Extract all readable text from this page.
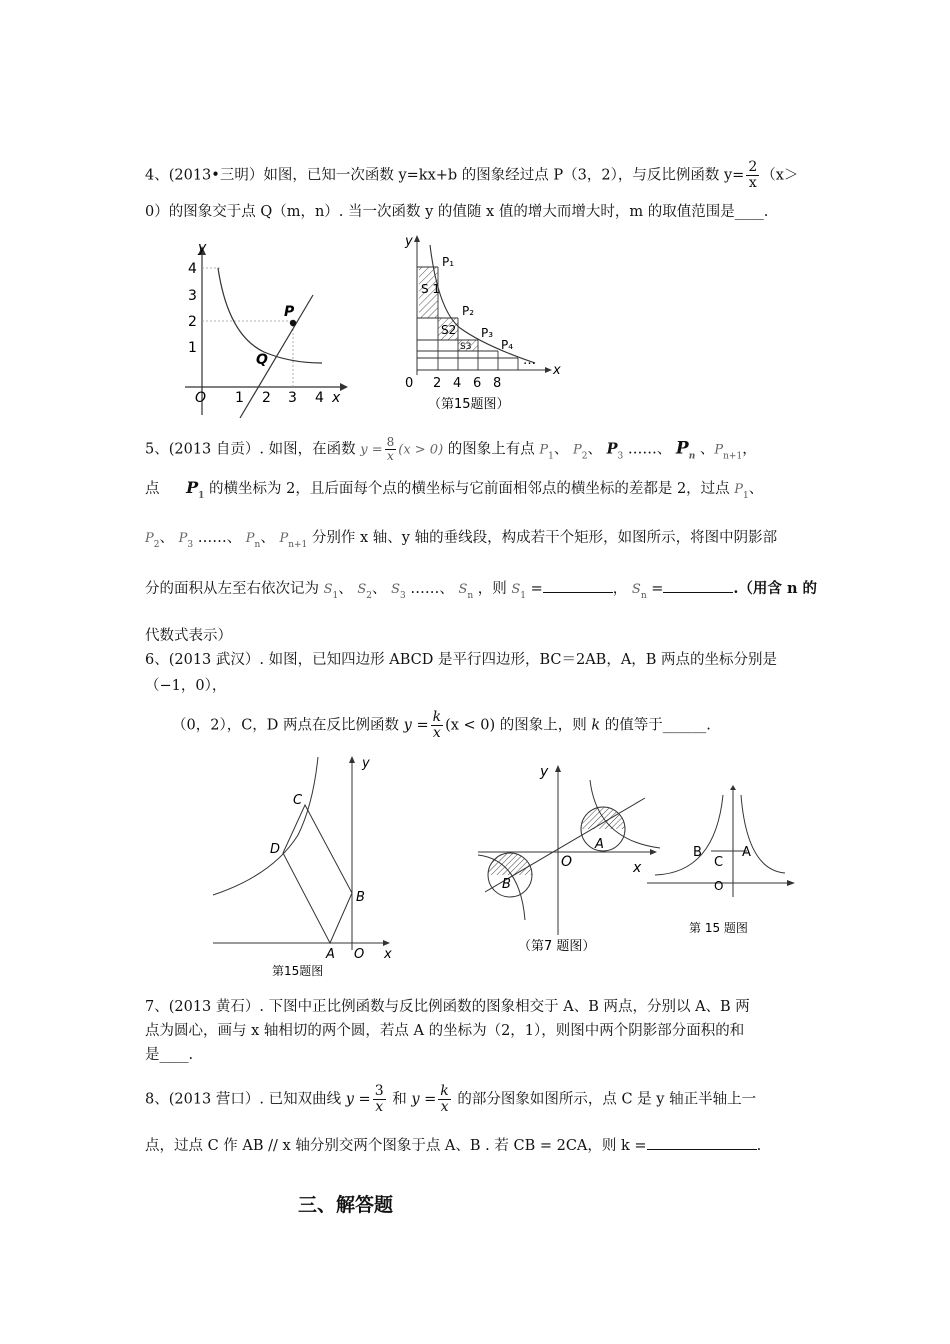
4、(2013•三明）如图，已知一次函数 y=kx+b 的图象经过点 P（3，2），与反比例函数 $y= \frac{2}{x} (x>$
0）的图象交于点 Q（m，n）. 当一次函数 y 的值随 x 值的增大而增大时，m 的取值范围是____.
y
x
O
4
3
2
1
1 2 3 4
P
Q
y
x
0 2 4 6 8
P₁
P₂
P₃
P₄
S 1
S2
S3
…
（第15题图）
5、(2013 自贡）. 如图，在函数 $y = \frac{8}{x} (x > 0)$ 的图象上有点 $P_1$、 $P_2$、 $P_3$ ……、 $P_n$ 、$P_{n+1}$，
点 $P_1$ 的横坐标为 2，且后面每个点的横坐标与它前面相邻点的横坐标的差都是 2，过点 $P_1$、
$P_2$、 $P_3$ ……、 $P_n$、 $P_{n+1}$ 分别作 x 轴、y 轴的垂线段，构成若干个矩形，如图所示，将图中阴影部
分的面积从左至右依次记为 $S_1$、 $S_2$、 $S_3$ ……、 $S_n$ ，则 $S_1$ =	， $S_n$ =	.（用含 n 的
代数式表示）
6、(2013 武汉）. 如图，已知四边形 ABCD 是平行四边形，BC＝2AB，A，B 两点的坐标分别是
（−1，0），
（0，2），C，D 两点在反比例函数 $y = \frac{k}{x} (x < 0)$ 的图象上，则 k 的值等于______.
y
x
O
A
B
C
D
第15题图
y
x
O
A
B
（第7 题图）
B	A
C
O
第 15 题图
7、(2013 黄石）. 下图中正比例函数与反比例函数的图象相交于 A、B 两点，分别以 A、B 两
点为圆心，画与 x 轴相切的两个圆，若点 A 的坐标为（2，1），则图中两个阴影部分面积的和
是____.
8、(2013 营口）. 已知双曲线 $y = \frac{3}{x}$ 和 $y = \frac{k}{x}$ 的部分图象如图所示，点 C 是 y 轴正半轴上一
点，过点 C 作 AB // x 轴分别交两个图象于点 A、B . 若 CB = 2CA，则 k =	.
三、解答题
